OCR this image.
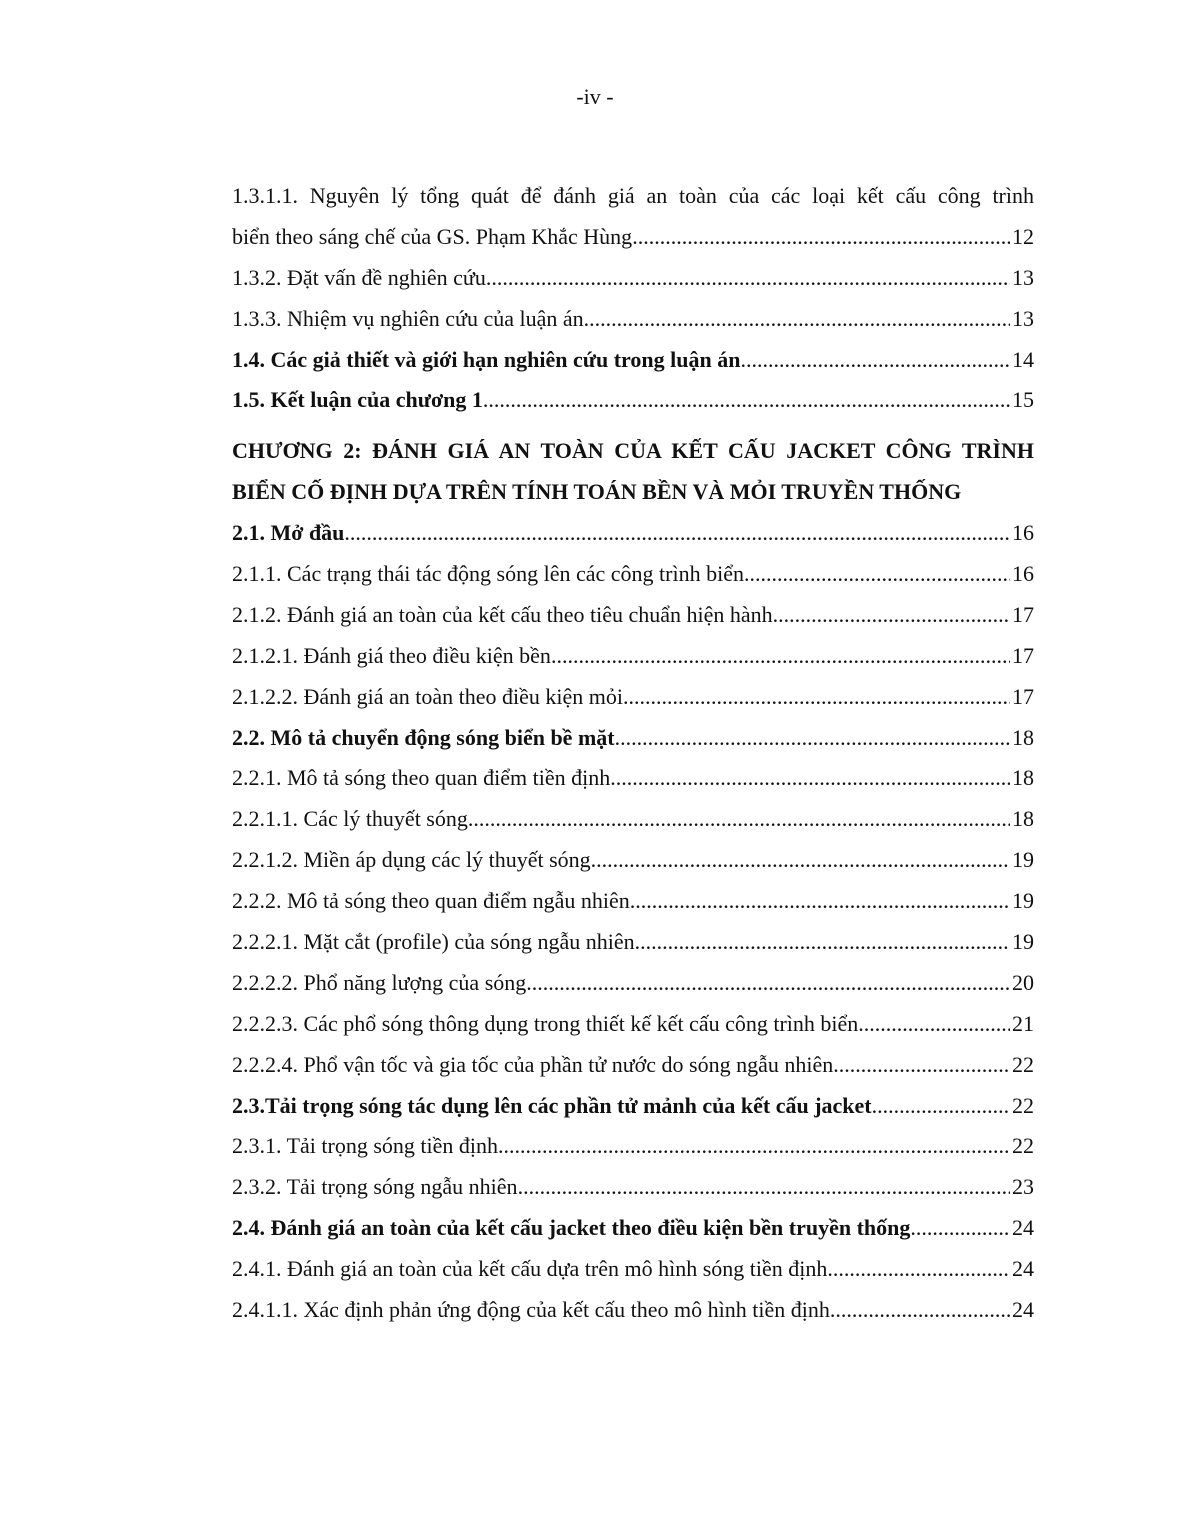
-iv -
1.3.1.1. Nguyên lý tổng quát để đánh giá an toàn của các loại kết cấu công trình
biển theo sáng chế của GS. Phạm Khắc Hùng .....	12
1.3.2. Đặt vấn đề nghiên cứu .....	13
1.3.3. Nhiệm vụ nghiên cứu của luận án .....	13
1.4. Các giả thiết và giới hạn nghiên cứu trong luận án .....	14
1.5. Kết luận của chương 1 .....	15
CHƯƠNG 2: ĐÁNH GIÁ AN TOÀN CỦA KẾT CẤU JACKET CÔNG TRÌNH
BIỂN CỐ ĐỊNH DỰA TRÊN TÍNH TOÁN BỀN VÀ MỎI TRUYỀN THỐNG
2.1. Mở đầu .....	16
2.1.1. Các trạng thái tác động sóng lên các công trình biển .....	16
2.1.2. Đánh giá an toàn của kết cấu theo tiêu chuẩn hiện hành .....	17
2.1.2.1. Đánh giá theo điều kiện bền .....	17
2.1.2.2. Đánh giá an toàn theo điều kiện mỏi .....	17
2.2. Mô tả chuyển động sóng biển bề mặt .....	18
2.2.1. Mô tả sóng theo quan điểm tiền định .....	18
2.2.1.1. Các lý thuyết sóng .....	18
2.2.1.2. Miền áp dụng các lý thuyết sóng .....	19
2.2.2. Mô tả sóng theo quan điểm ngẫu nhiên .....	19
2.2.2.1. Mặt cắt (profile) của sóng ngẫu nhiên .....	19
2.2.2.2. Phổ năng lượng của sóng .....	20
2.2.2.3. Các phổ sóng thông dụng trong thiết kế kết cấu công trình biển .....	21
2.2.2.4. Phổ vận tốc và gia tốc của phần tử nước do sóng ngẫu nhiên .....	22
2.3.Tải trọng sóng tác dụng lên các phần tử mảnh của kết cấu jacket .....	22
2.3.1. Tải trọng sóng tiền định .....	22
2.3.2. Tải trọng sóng ngẫu nhiên .....	23
2.4. Đánh giá an toàn của kết cấu jacket theo điều kiện bền truyền thống .....	24
2.4.1. Đánh giá an toàn của kết cấu dựa trên mô hình sóng tiền định .....	24
2.4.1.1. Xác định phản ứng động của kết cấu theo mô hình tiền định .....	24
